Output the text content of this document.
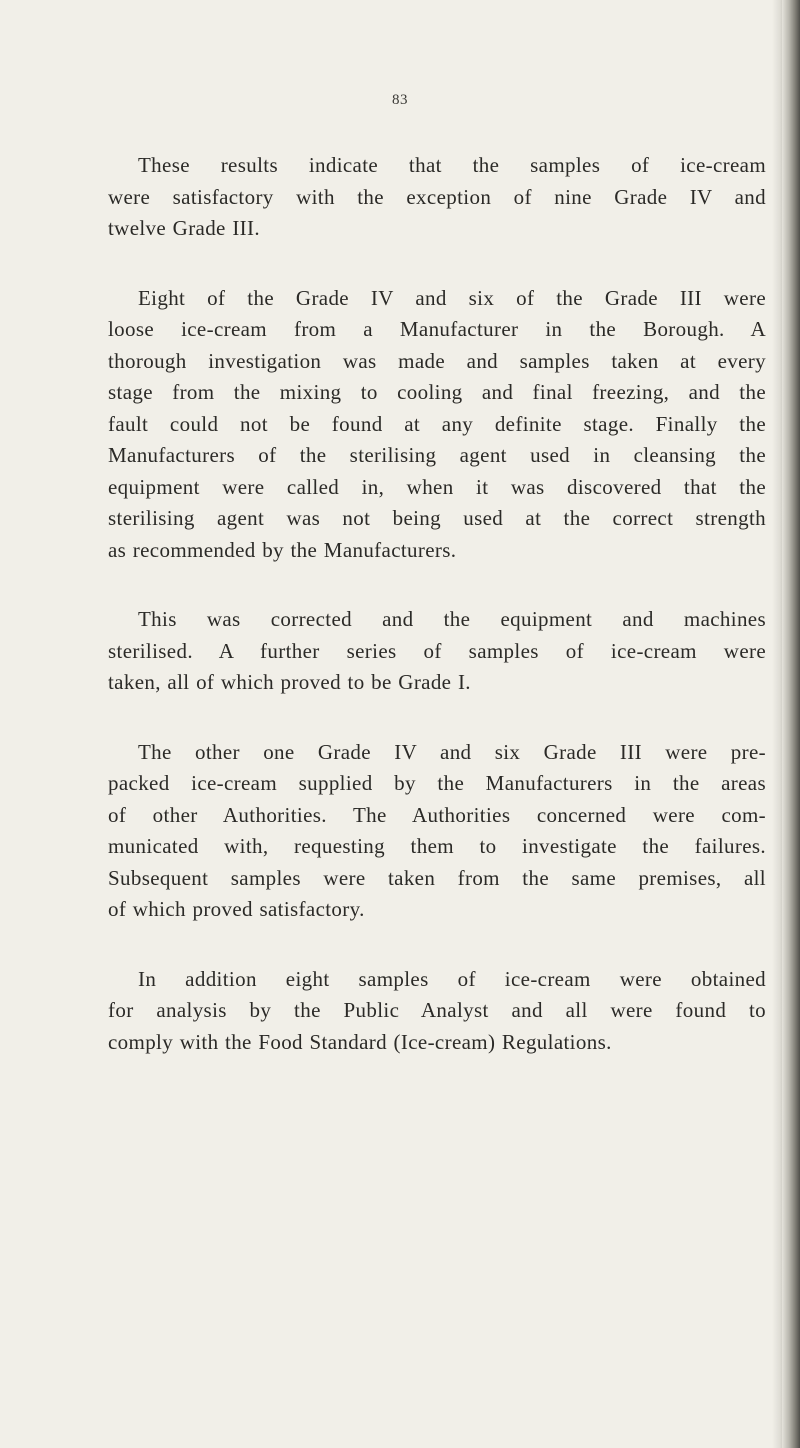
83

These results indicate that the samples of ice-cream
were satisfactory with the exception of nine Grade IV and
twelve Grade III.

Eight of the Grade IV and six of the Grade III were
loose ice-cream from a Manufacturer in the Borough. A
thorough investigation was made and samples taken at every
stage from the mixing to cooling and final freezing, and the
fault could not be found at any definite stage. Finally the
Manufacturers of the sterilising agent used in cleansing the
equipment were called in, when it was discovered that the
sterilising agent was not being used at the correct strength
as recommended by the Manufacturers.

This was corrected and the equipment and machines
sterilised. A further series of samples of ice-cream were
taken, all of which proved to be Grade I.

The other one Grade IV and six Grade III were pre-
packed ice-cream supplied by the Manufacturers in the areas
of other Authorities. The Authorities concerned were com-
municated with, requesting them to investigate the failures.
Subsequent samples were taken from the same premises, all
of which proved satisfactory.

In addition eight samples of ice-cream were obtained
for analysis by the Public Analyst and all were found to
comply with the Food Standard (Ice-cream) Regulations.
